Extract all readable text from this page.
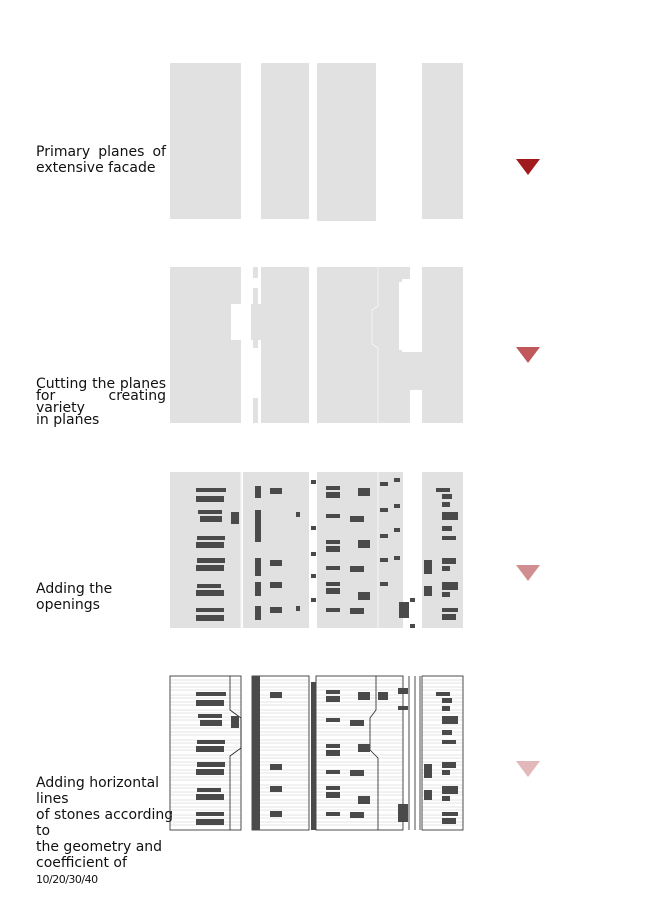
Primary planes of
extensive facade
Cutting the planes
for creating variety
in planes
Adding the openings
Adding horizontal lines
of stones according to
the geometry and
coefficient of 10/20/30/40
